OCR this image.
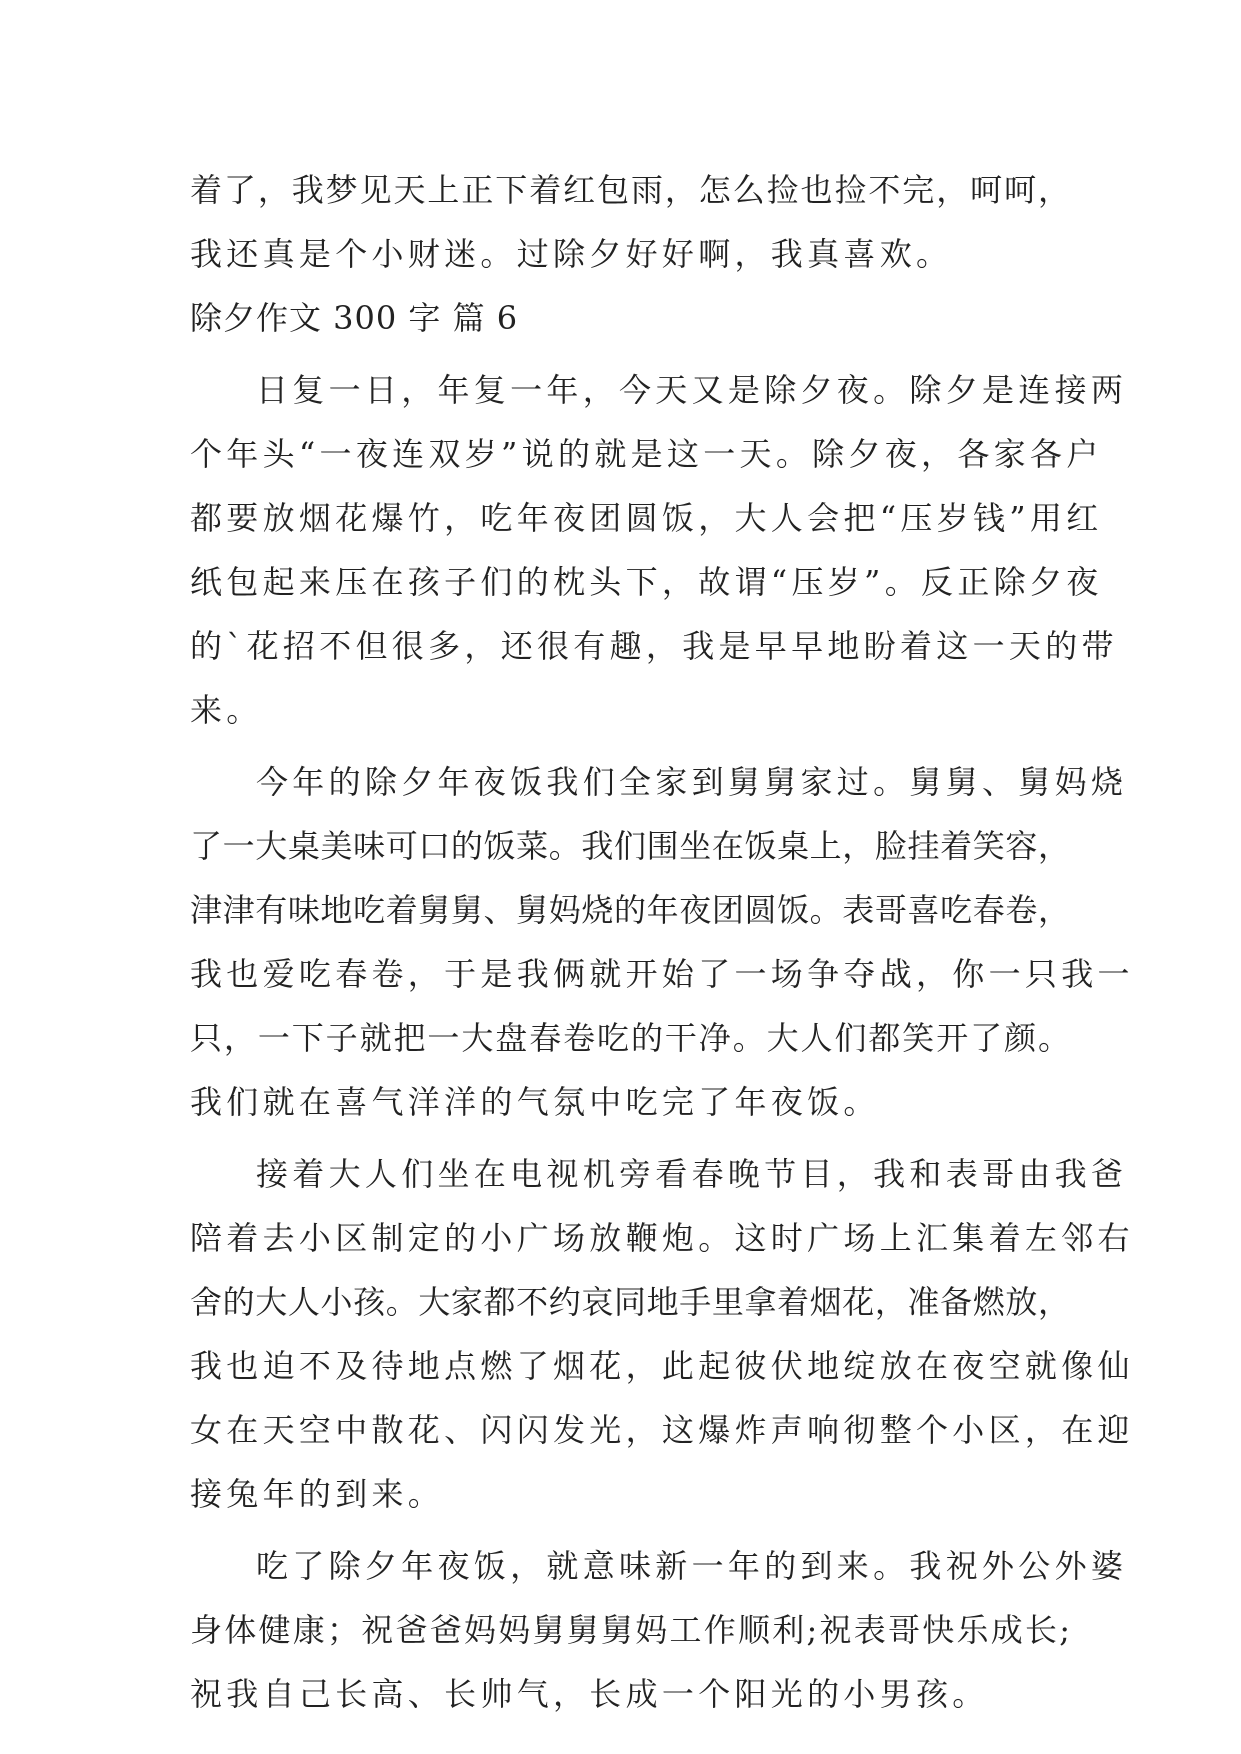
着了，我梦见天上正下着红包雨，怎么捡也捡不完，呵呵，
我还真是个小财迷。过除夕好好啊，我真喜欢。
除夕作文 300 字 篇 6
日复一日，年复一年，今天又是除夕夜。除夕是连接两
个年头“一夜连双岁”说的就是这一天。除夕夜，各家各户
都要放烟花爆竹，吃年夜团圆饭，大人会把“压岁钱”用红
纸包起来压在孩子们的枕头下，故谓“压岁”。反正除夕夜
的`花招不但很多，还很有趣，我是早早地盼着这一天的带
来。
今年的除夕年夜饭我们全家到舅舅家过。舅舅、舅妈烧
了一大桌美味可口的饭菜。我们围坐在饭桌上，脸挂着笑容，
津津有味地吃着舅舅、舅妈烧的年夜团圆饭。表哥喜吃春卷，
我也爱吃春卷，于是我俩就开始了一场争夺战，你一只我一
只，一下子就把一大盘春卷吃的干净。大人们都笑开了颜。
我们就在喜气洋洋的气氛中吃完了年夜饭。
接着大人们坐在电视机旁看春晚节目，我和表哥由我爸
陪着去小区制定的小广场放鞭炮。这时广场上汇集着左邻右
舍的大人小孩。大家都不约哀同地手里拿着烟花，准备燃放，
我也迫不及待地点燃了烟花，此起彼伏地绽放在夜空就像仙
女在天空中散花、闪闪发光，这爆炸声响彻整个小区，在迎
接兔年的到来。
吃了除夕年夜饭，就意味新一年的到来。我祝外公外婆
身体健康；祝爸爸妈妈舅舅舅妈工作顺利;祝表哥快乐成长;
祝我自己长高、长帅气，长成一个阳光的小男孩。
